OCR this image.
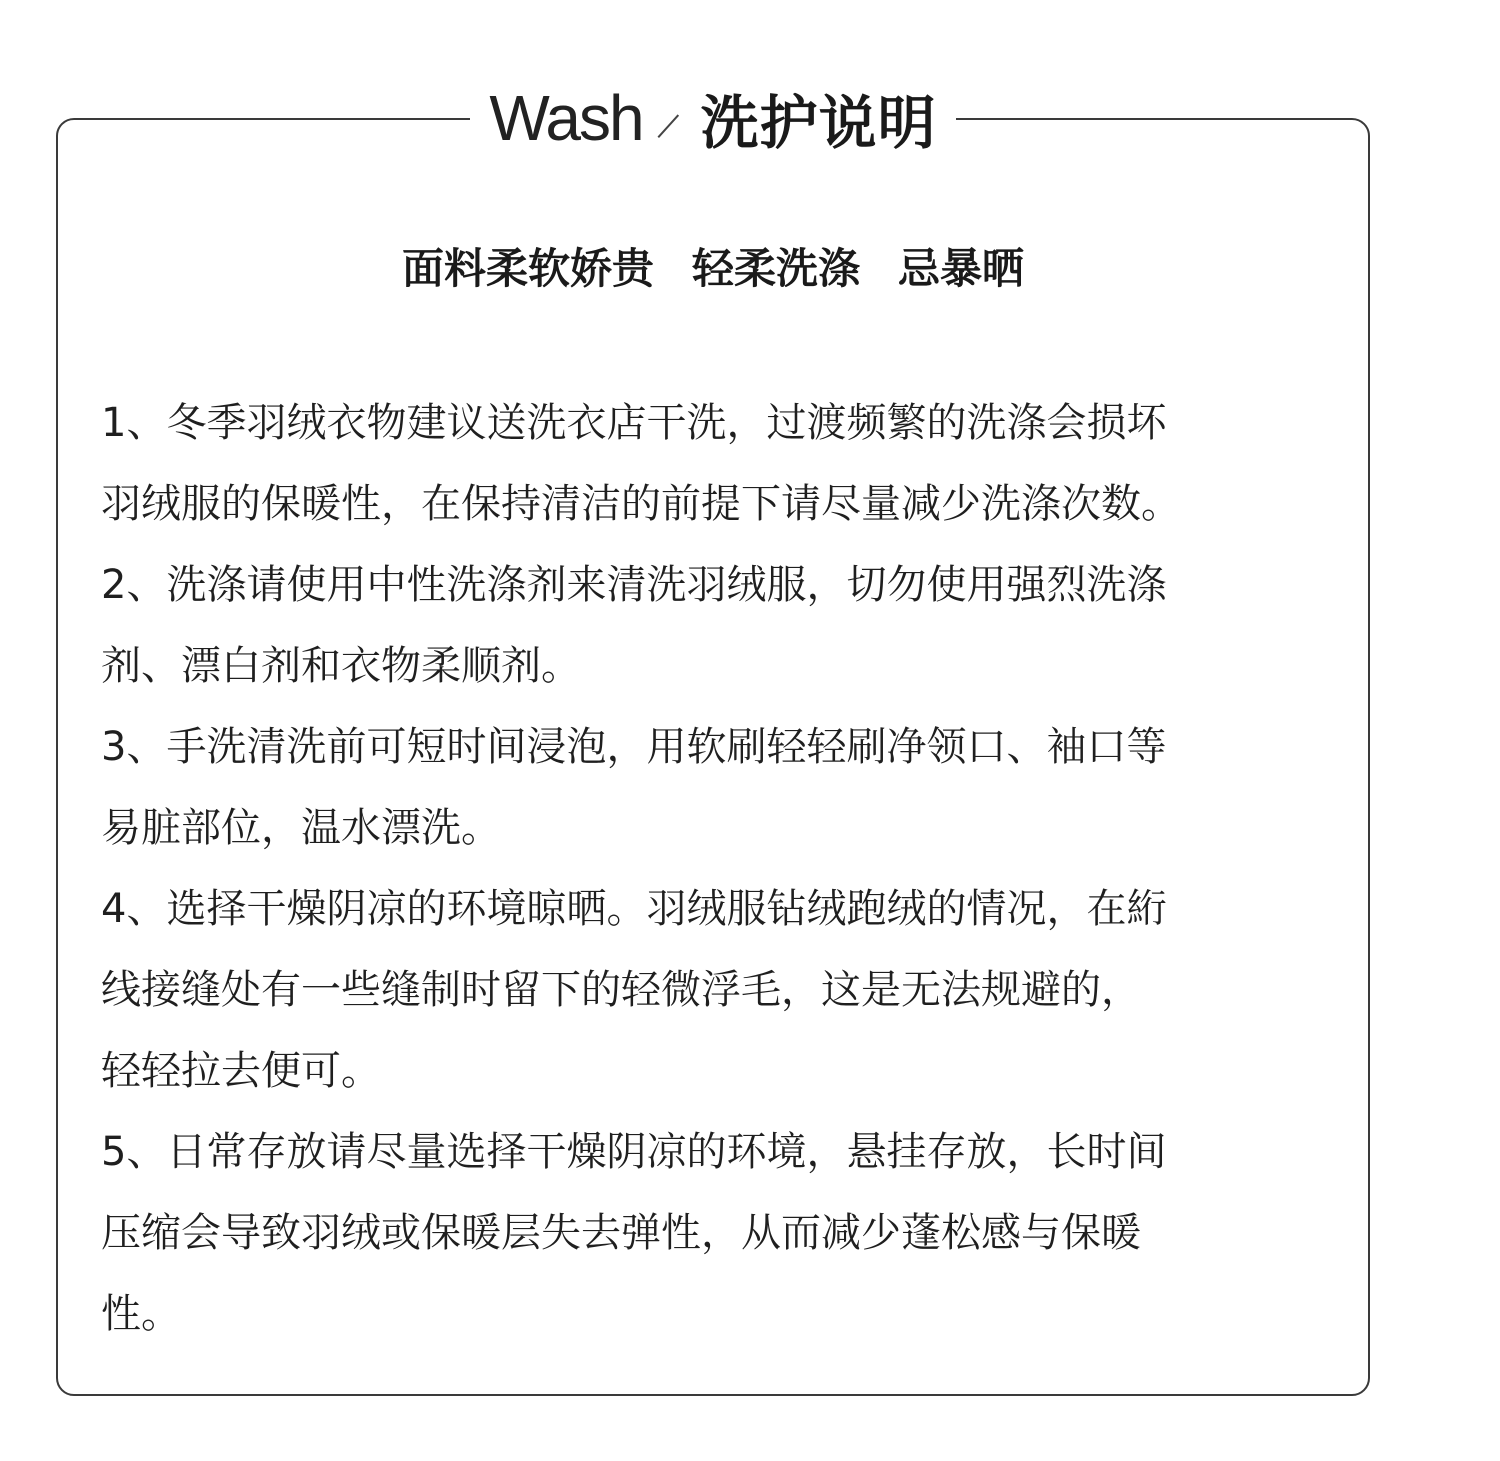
Wash 洗护说明
面料柔软娇贵 轻柔洗涤 忌暴晒
1、冬季羽绒衣物建议送洗衣店干洗，过渡频繁的洗涤会损坏
羽绒服的保暖性，在保持清洁的前提下请尽量减少洗涤次数。
2、洗涤请使用中性洗涤剂来清洗羽绒服，切勿使用强烈洗涤
剂、漂白剂和衣物柔顺剂。
3、手洗清洗前可短时间浸泡，用软刷轻轻刷净领口、袖口等
易脏部位，温水漂洗。
4、选择干燥阴凉的环境晾晒。羽绒服钻绒跑绒的情况，在絎
线接缝处有一些缝制时留下的轻微浮毛，这是无法规避的，
轻轻拉去便可。
5、日常存放请尽量选择干燥阴凉的环境，悬挂存放，长时间
压缩会导致羽绒或保暖层失去弹性，从而减少蓬松感与保暖
性。
